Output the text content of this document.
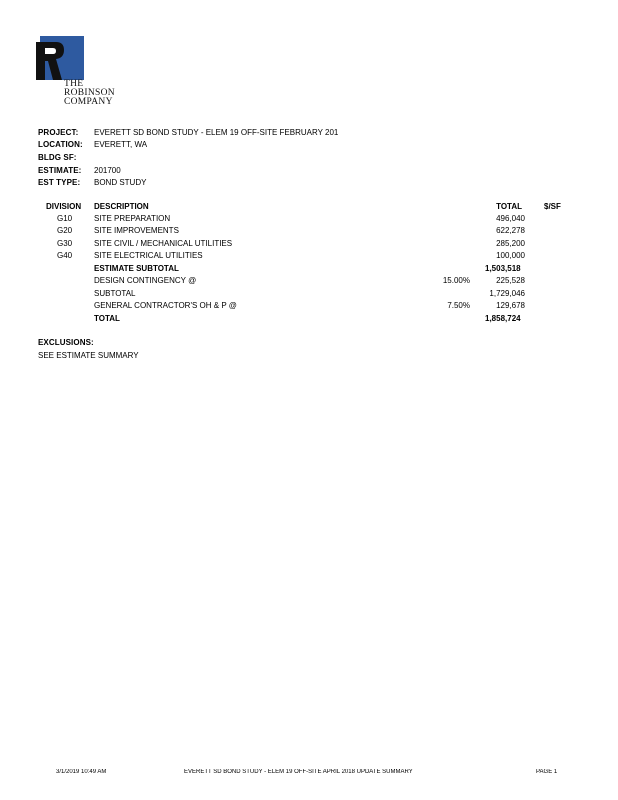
THE
ROBINSON
COMPANY
PROJECT: EVERETT SD BOND STUDY - ELEM 19 OFF-SITE FEBRUARY 201
LOCATION: EVERETT, WA
BLDG SF:
ESTIMATE: 201700
EST TYPE: BOND STUDY
DIVISION DESCRIPTION	TOTAL	$/SF
G10	SITE PREPARATION	496,040
G20	SITE IMPROVEMENTS	622,278
G30	SITE CIVIL / MECHANICAL UTILITIES	285,200
G40	SITE ELECTRICAL UTILITIES	100,000
ESTIMATE SUBTOTAL	1,503,518
DESIGN CONTINGENCY @	15.00%	225,528
SUBTOTAL	1,729,046
GENERAL CONTRACTOR'S OH & P @	7.50%	129,678
TOTAL	1,858,724
EXCLUSIONS:
SEE ESTIMATE SUMMARY
3/1/2019 10:49 AM	EVERETT SD BOND STUDY - ELEM 19 OFF-SITE APRIL 2018 UPDATE SUMMARY	PAGE 1
